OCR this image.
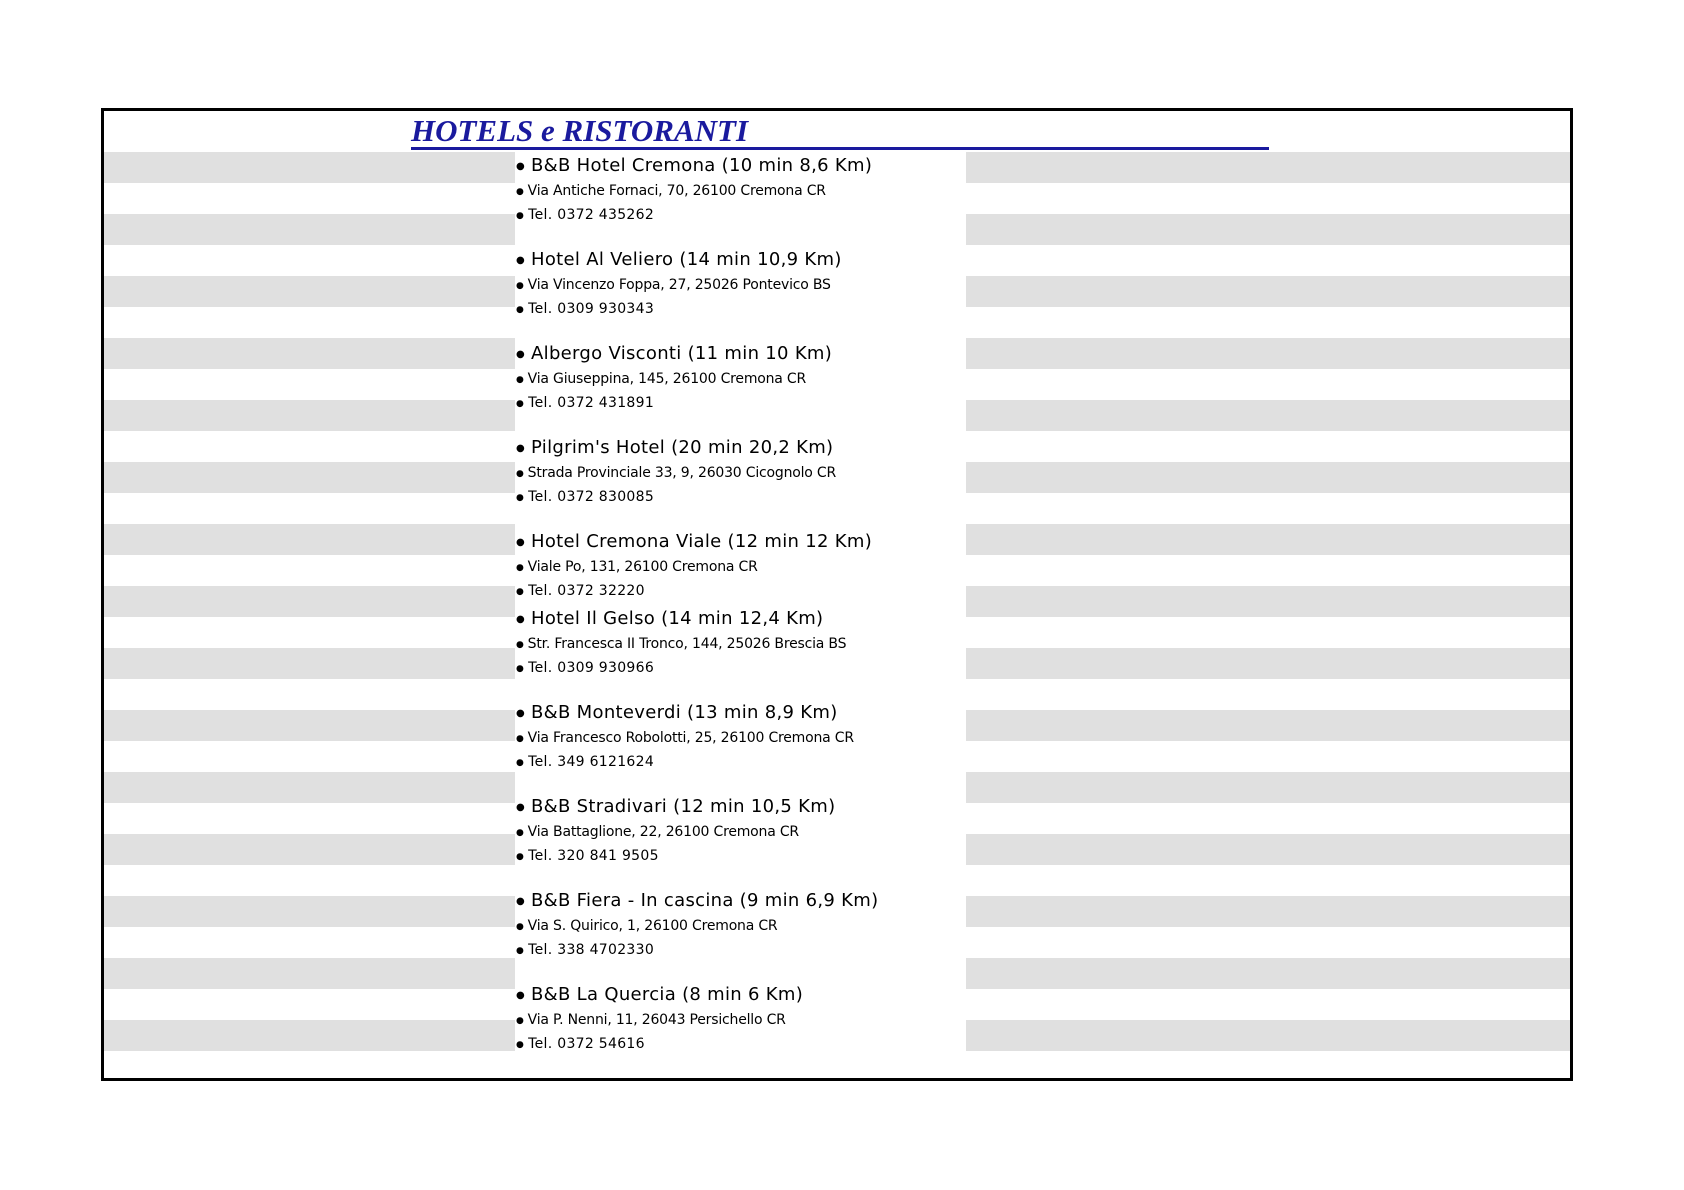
HOTELS e RISTORANTI
● B&B Hotel Cremona (10 min 8,6 Km)
● Via Antiche Fornaci, 70, 26100 Cremona CR
● Tel. 0372 435262
● Hotel Al Veliero (14 min 10,9 Km)
● Via Vincenzo Foppa, 27, 25026 Pontevico BS
● Tel. 0309 930343
● Albergo Visconti (11 min 10 Km)
● Via Giuseppina, 145, 26100 Cremona CR
● Tel. 0372 431891
● Pilgrim's Hotel (20 min 20,2 Km)
● Strada Provinciale 33, 9, 26030 Cicognolo CR
● Tel. 0372 830085
● Hotel Cremona Viale (12 min 12 Km)
● Viale Po, 131, 26100 Cremona CR
● Tel. 0372 32220
● Hotel Il Gelso (14 min 12,4 Km)
● Str. Francesca II Tronco, 144, 25026 Brescia BS
● Tel. 0309 930966
● B&B Monteverdi (13 min 8,9 Km)
● Via Francesco Robolotti, 25, 26100 Cremona CR
● Tel. 349 6121624
● B&B Stradivari (12 min 10,5 Km)
● Via Battaglione, 22, 26100 Cremona CR
● Tel. 320 841 9505
● B&B Fiera - In cascina (9 min 6,9 Km)
● Via S. Quirico, 1, 26100 Cremona CR
● Tel. 338 4702330
● B&B La Quercia (8 min 6 Km)
● Via P. Nenni, 11, 26043 Persichello CR
● Tel. 0372 54616
